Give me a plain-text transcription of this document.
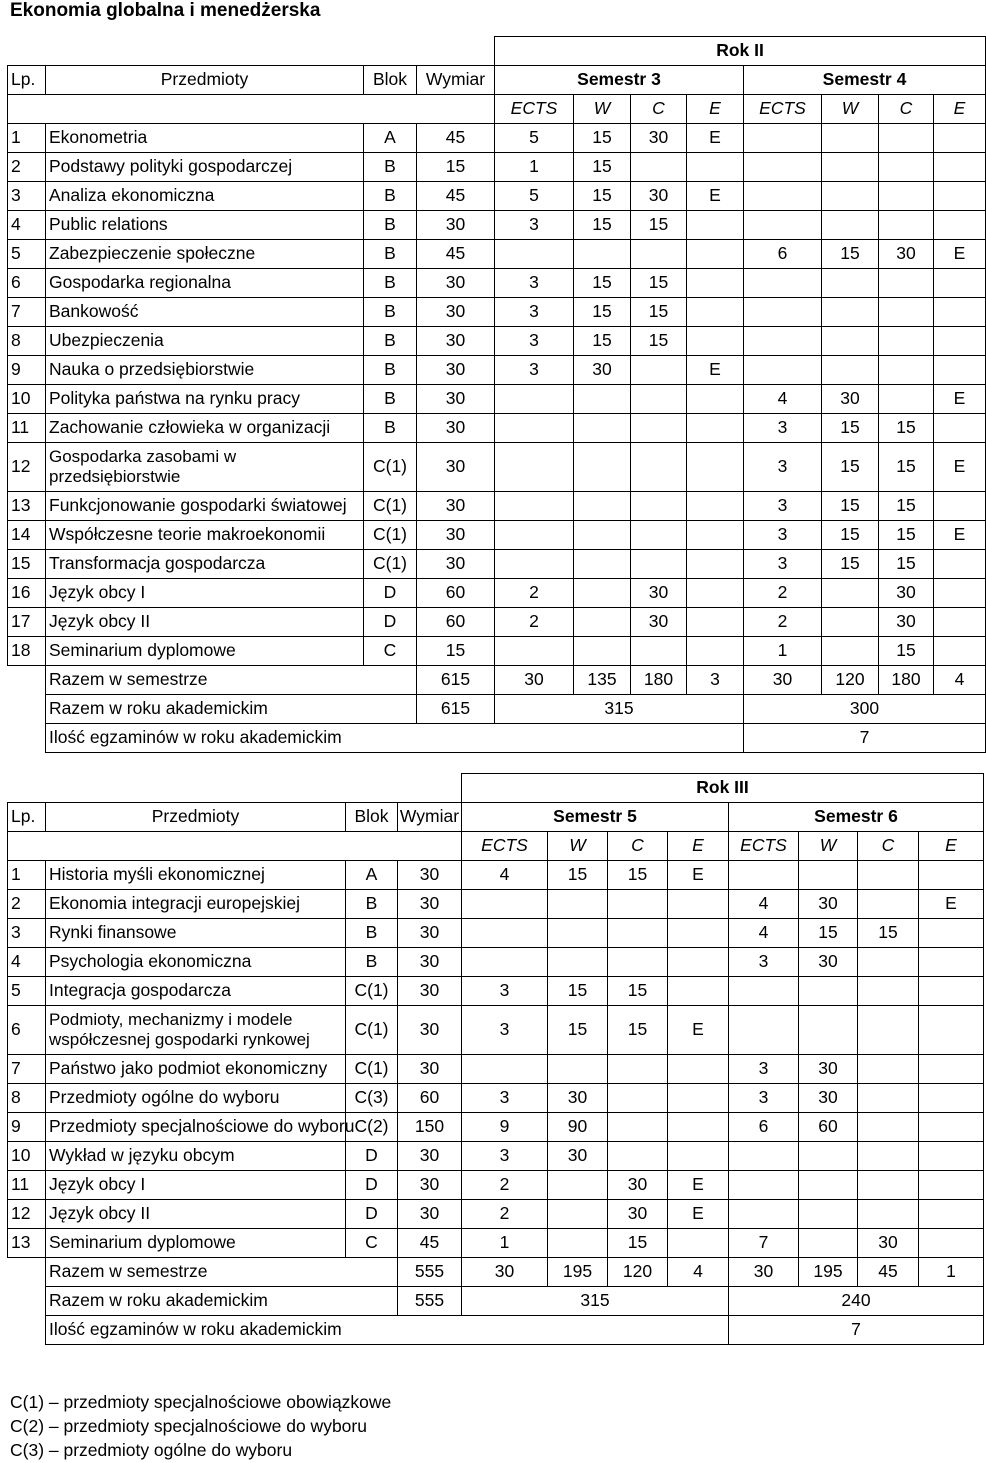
Ekonomia globalna i menedżerska
				Rok II							
Lp.	Przedmioty	Blok	Wymiar	Semestr 3				Semestr 4			
				ECTS	W	C	E	ECTS	W	C	E
1	Ekonometria	A	45	5	15	30	E				
2	Podstawy polityki gospodarczej	B	15	1	15						
3	Analiza ekonomiczna	B	45	5	15	30	E				
4	Public relations	B	30	3	15	15					
5	Zabezpieczenie społeczne	B	45					6	15	30	E
6	Gospodarka regionalna	B	30	3	15	15					
7	Bankowość	B	30	3	15	15					
8	Ubezpieczenia	B	30	3	15	15					
9	Nauka o przedsiębiorstwie	B	30	3	30		E				
10	Polityka państwa na rynku pracy	B	30					4	30		E
11	Zachowanie człowieka w organizacji	B	30					3	15	15	
12	Gospodarka zasobami w przedsiębiorstwie	C(1)	30					3	15	15	E
13	Funkcjonowanie gospodarki światowej	C(1)	30					3	15	15	
14	Współczesne teorie makroekonomii	C(1)	30					3	15	15	E
15	Transformacja gospodarcza	C(1)	30					3	15	15	
16	Język obcy I	D	60	2		30		2		30	
17	Język obcy II	D	60	2		30		2		30	
18	Seminarium dyplomowe	C	15					1		15	
	Razem w semestrze		615	30	135	180	3	30	120	180	4
	Razem w roku akademickim		615	315				300			
	Ilość egzaminów w roku akademickim							7			
				Rok III							
Lp.	Przedmioty	Blok	Wymiar	Semestr 5				Semestr 6			
				ECTS	W	C	E	ECTS	W	C	E
1	Historia myśli ekonomicznej	A	30	4	15	15	E				
2	Ekonomia integracji europejskiej	B	30					4	30		E
3	Rynki finansowe	B	30					4	15	15	
4	Psychologia ekonomiczna	B	30					3	30		
5	Integracja gospodarcza	C(1)	30	3	15	15					
6	Podmioty, mechanizmy i modele współczesnej gospodarki rynkowej	C(1)	30	3	15	15	E				
7	Państwo jako podmiot ekonomiczny	C(1)	30					3	30		
8	Przedmioty ogólne do wyboru	C(3)	60	3	30			3	30		
9	Przedmioty specjalnościowe do wyboru	C(2)	150	9	90			6	60		
10	Wykład w języku obcym	D	30	3	30						
11	Język obcy I	D	30	2		30	E				
12	Język obcy II	D	30	2		30	E				
13	Seminarium dyplomowe	C	45	1		15		7		30	
	Razem w semestrze		555	30	195	120	4	30	195	45	1
	Razem w roku akademickim		555	315				240			
	Ilość egzaminów w roku akademickim							7			
C(1) – przedmioty specjalnościowe obowiązkowe
C(2) – przedmioty specjalnościowe do wyboru
C(3) – przedmioty ogólne do wyboru
